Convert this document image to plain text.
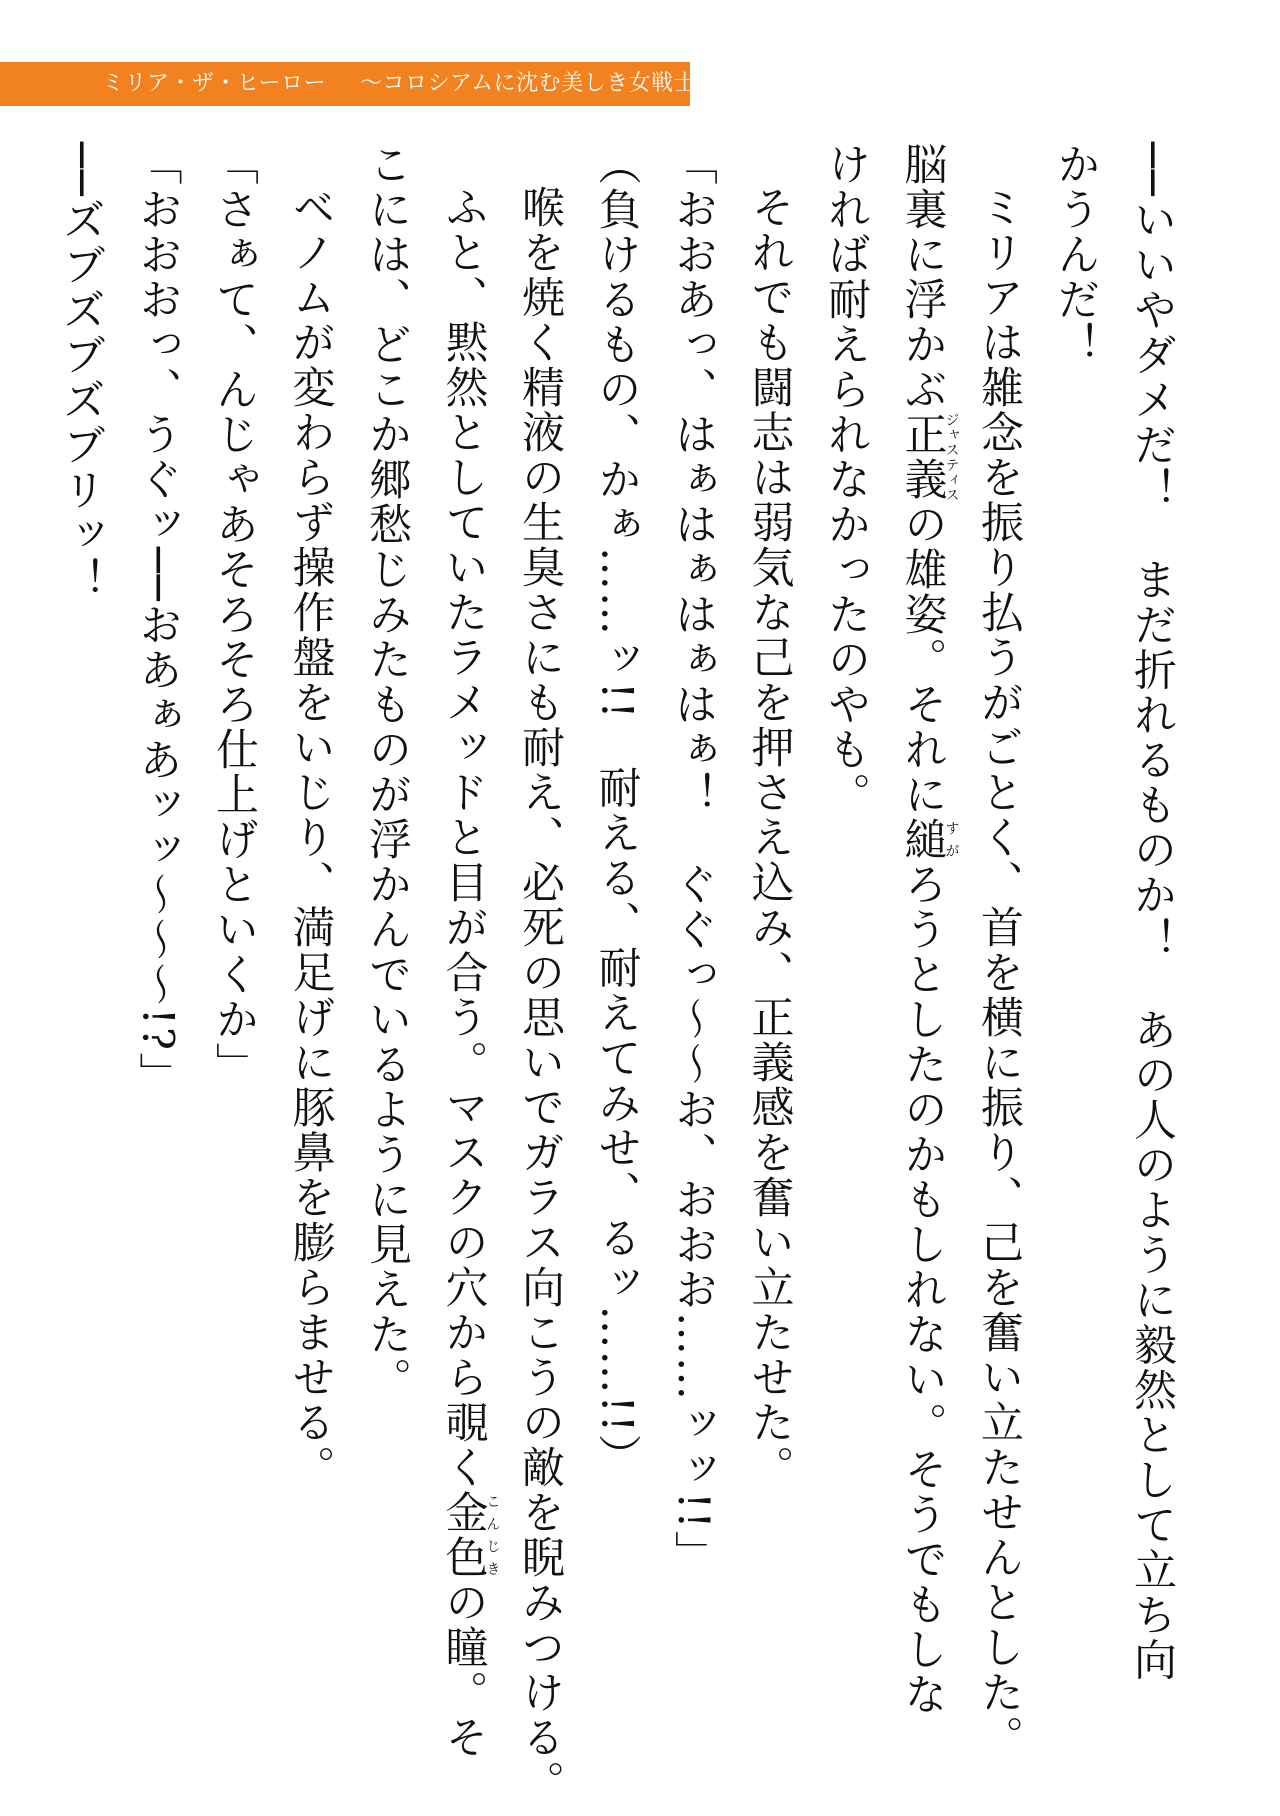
ミリア・ザ・ヒーロー 〜コロシアムに沈む美しき女戦士たち〜

──いいやダメだ！　まだ折れるものか！　あの人のように毅然として立ち向

かうんだ！

ミリアは雑念を振り払うがごとく、首を横に振り、己を奮い立たせんとした。

脳裏に浮かぶ正義ジャスティスの雄姿。それに縋すがろうとしたのかもしれない。そうでもしな

ければ耐えられなかったのやも。

それでも闘志は弱気な己を押さえ込み、正義感を奮い立たせた。

「おおあっ、はぁはぁはぁはぁ！　ぐぐっ〜〜お、おおお……ッッ!!」

（負けるもの、かぁ……ッ!!　耐える、耐えてみせ、るッ……!!）

喉を焼く精液の生臭さにも耐え、必死の思いでガラス向こうの敵を睨みつける。

ふと、黙然としていたラメッドと目が合う。マスクの穴から覗く金色こんじきの瞳。そ

こには、どこか郷愁じみたものが浮かんでいるように見えた。

ベノムが変わらず操作盤をいじり、満足げに豚鼻を膨らませる。

「さぁて、んじゃあそろそろ仕上げといくか」

「おおおっ、うぐッ──おあぁあッッ〜〜〜!?」

──ズブズブズブリッ！
